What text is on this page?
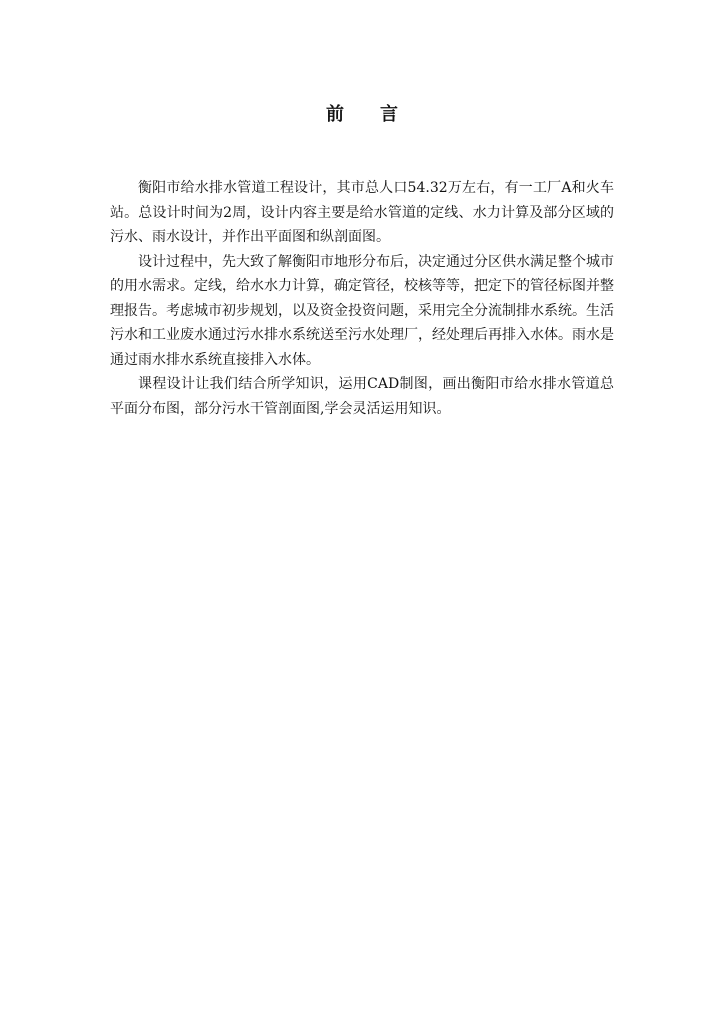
前　　言

衡阳市给水排水管道工程设计，其市总人口54.32万左右，有一工厂A和火车站。总设计时间为2周，设计内容主要是给水管道的定线、水力计算及部分区域的污水、雨水设计，并作出平面图和纵剖面图。

设计过程中，先大致了解衡阳市地形分布后，决定通过分区供水满足整个城市的用水需求。定线，给水水力计算，确定管径，校核等等，把定下的管径标图并整理报告。考虑城市初步规划，以及资金投资问题，采用完全分流制排水系统。生活污水和工业废水通过污水排水系统送至污水处理厂，经处理后再排入水体。雨水是通过雨水排水系统直接排入水体。

课程设计让我们结合所学知识，运用CAD制图，画出衡阳市给水排水管道总平面分布图，部分污水干管剖面图,学会灵活运用知识。
